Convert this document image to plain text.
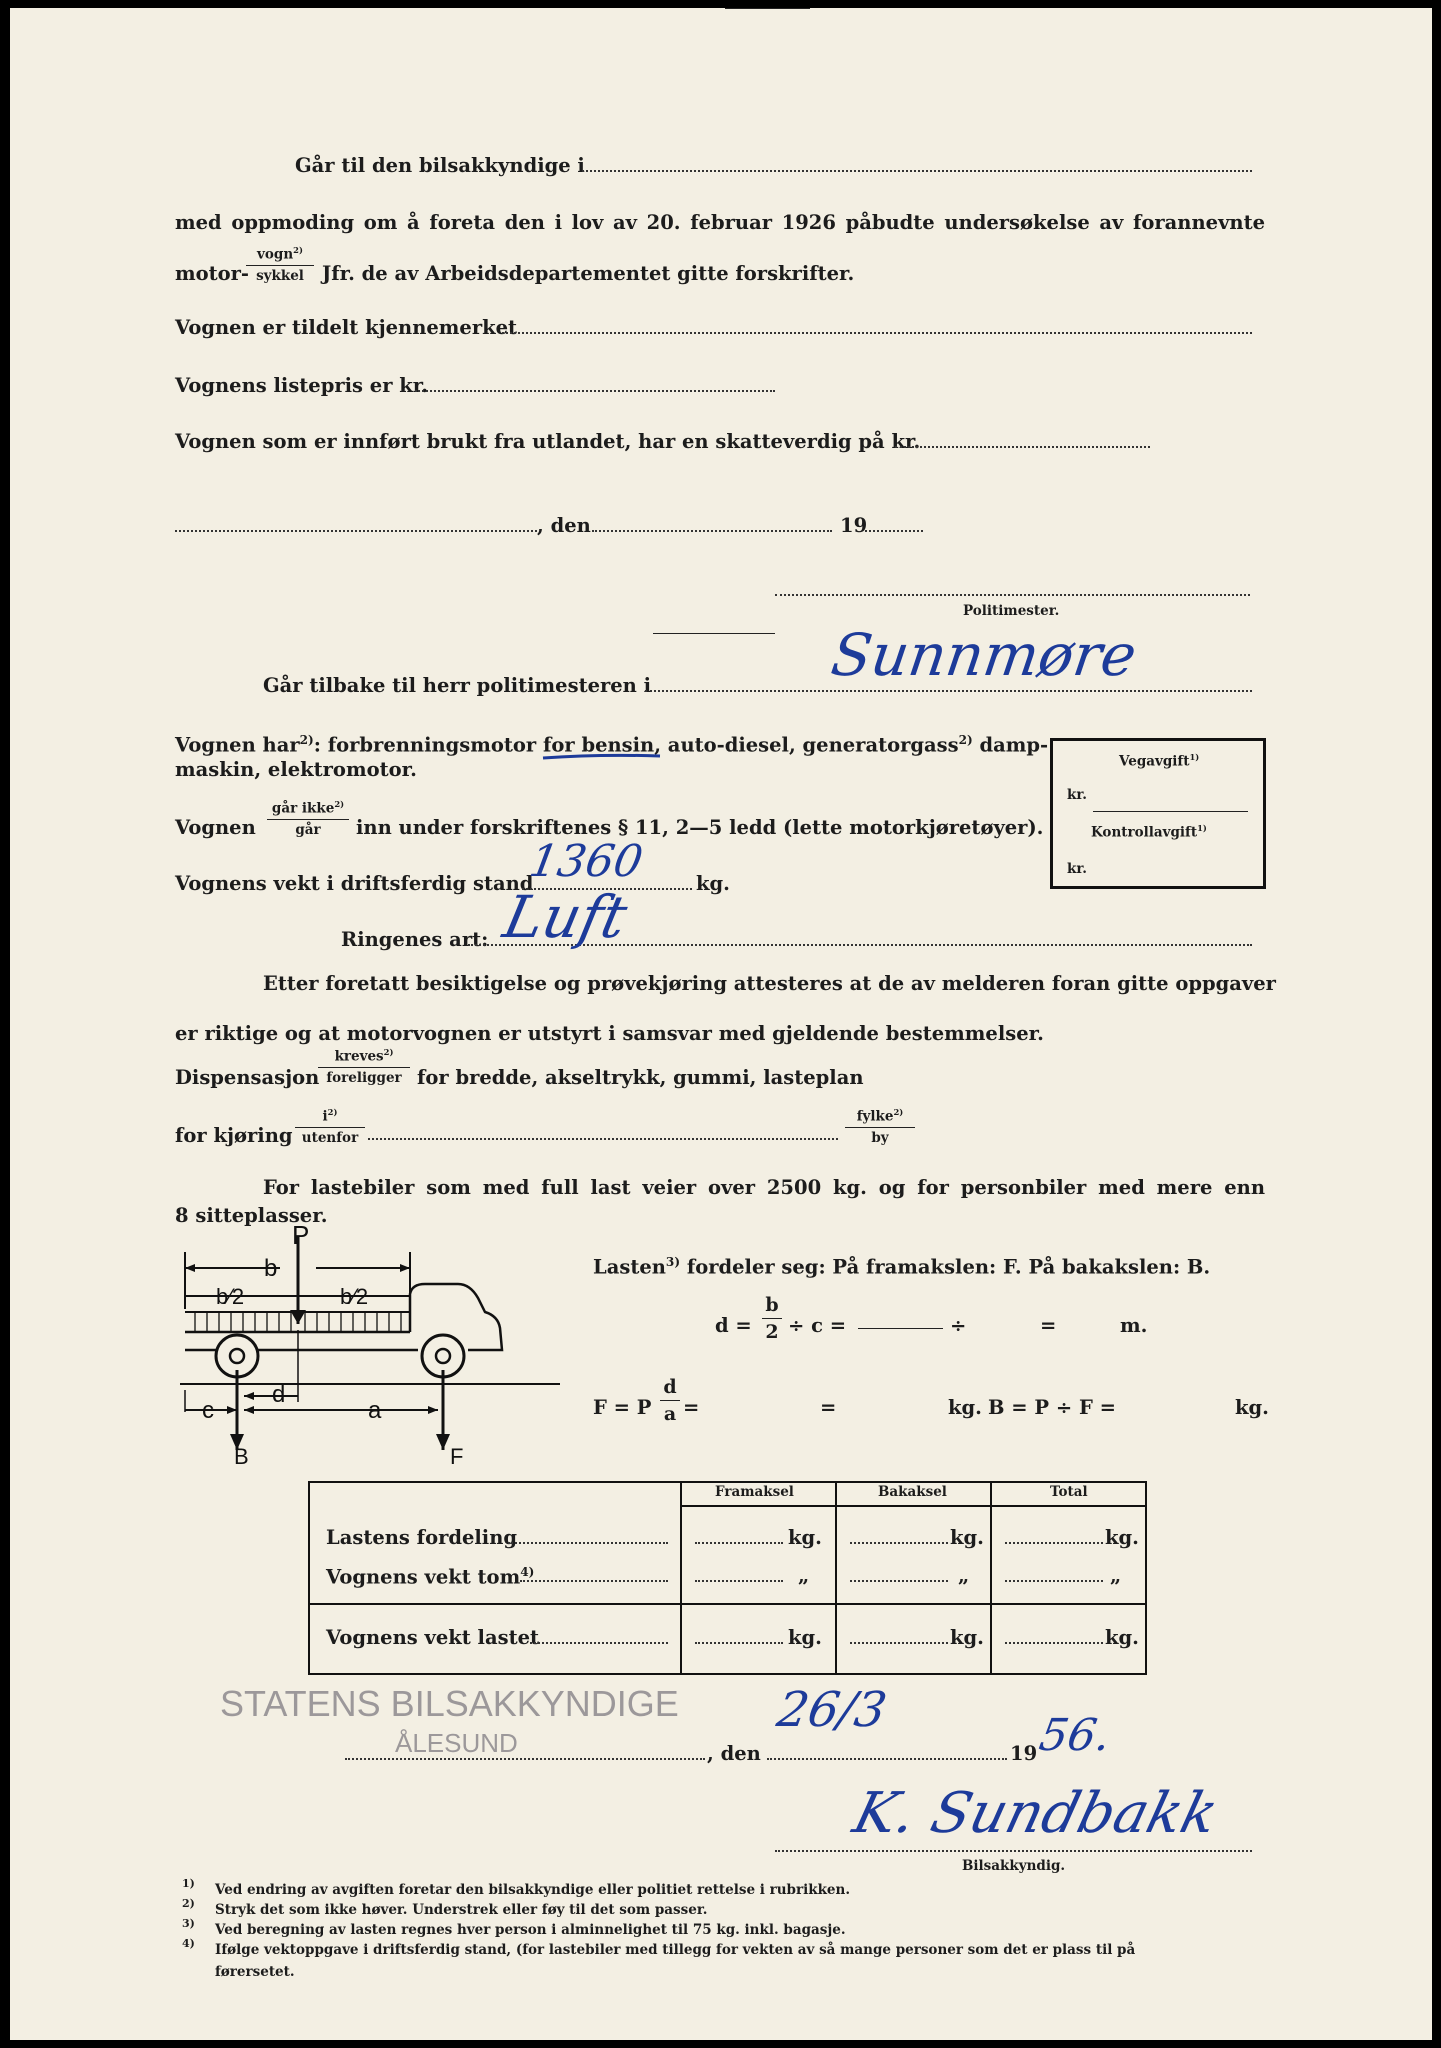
Går til den bilsakkyndige i
med oppmoding om å foreta den i lov av 20. februar 1926 påbudte undersøkelse av forannevnte
motor-
vogn$^{2)}$
sykkel Jfr. de av Arbeidsdepartementet gitte forskrifter.
Vognen er tildelt kjennemerket
Vognens listepris er kr.
Vognen som er innført brukt fra utlandet, har en skatteverdig på kr.
, den	19
Politimester.
Går tilbake til herr politimesteren i	Sunnmøre
Vognen har$^{2)}$: forbrenningsmotor for bensin, auto-diesel, generatorgass$^{2)}$ damp-
maskin, elektromotor.	Vegavgift$^{1)}$
kr.
Kontrollavgift$^{1)}$
kr.
Vognen
går ikke$^{2)}$
går	inn under forskriftenes § 11, 2—5 ledd (lette motorkjøretøyer).
Vognens vekt i driftsferdig stand
1360	kg.
Ringenes art: Luft
Etter foretatt besiktigelse og prøvekjøring attesteres at de av melderen foran gitte oppgaver
er riktige og at motorvognen er utstyrt i samsvar med gjeldende bestemmelser.
Dispensasjon
kreves$^{2)}$
foreligger for bredde, akseltrykk, gummi, lasteplan
for kjøring
$i^{2)}$
utenfor
fylke$^{2)}$
by
For lastebiler som med full last veier over 2500 kg. og for personbiler med mere enn
8 sitteplasser.
P
b
b⁄2	b⁄2
c
d
a
B	F
Lasten$^{3)}$ fordeler seg: På framakslen: F. På bakakslen: B.
$d = \frac{b}{2} \div c$ =	÷	=	m.
F = P $\frac{d}{a}$ =	=	kg. B = P ÷ F =	kg.
Framaksel	Bakaksel	Total
Lastens fordeling	kg.	kg.	kg.
Vognens vekt tom$^{4)}$	„	„	„
Vognens vekt lastet	kg.	kg.	kg.
STATENS BILSAKKYNDIGE
ÅLESUND	, den
26/3
19
56.
K. Sundbakk
Bilsakkyndig.
1) Ved endring av avgiften foretar den bilsakkyndige eller politiet rettelse i rubrikken.
2) Stryk det som ikke høver. Understrek eller føy til det som passer.
3) Ved beregning av lasten regnes hver person i alminnelighet til 75 kg. inkl. bagasje.
4) Ifølge vektoppgave i driftsferdig stand, (for lastebiler med tillegg for vekten av så mange personer som det er plass til på
førersetet.
